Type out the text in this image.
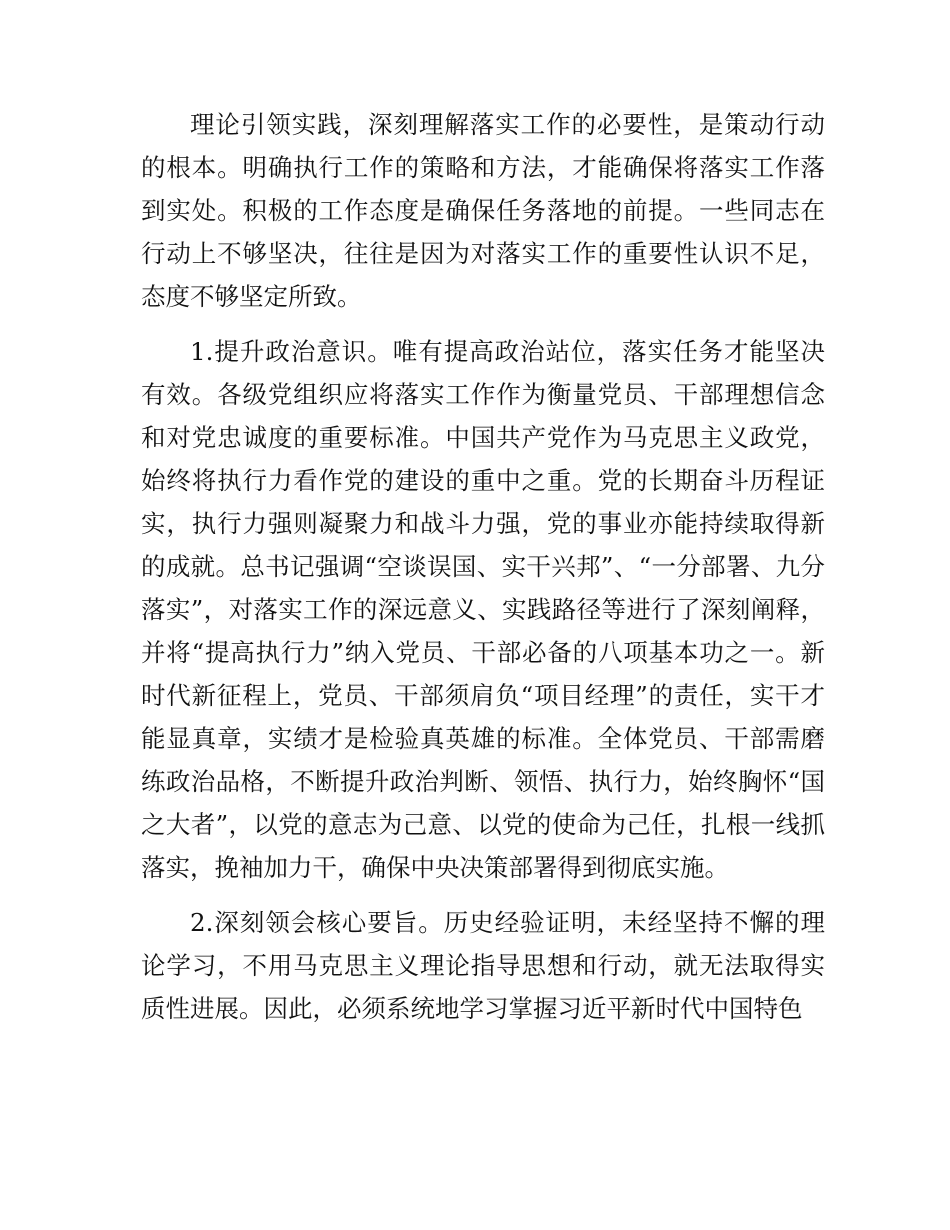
理论引领实践，深刻理解落实工作的必要性，是策动行动的根本。明确执行工作的策略和方法，才能确保将落实工作落到实处。积极的工作态度是确保任务落地的前提。一些同志在行动上不够坚决，往往是因为对落实工作的重要性认识不足，态度不够坚定所致。

1.提升政治意识。唯有提高政治站位，落实任务才能坚决有效。各级党组织应将落实工作作为衡量党员、干部理想信念和对党忠诚度的重要标准。中国共产党作为马克思主义政党，始终将执行力看作党的建设的重中之重。党的长期奋斗历程证实，执行力强则凝聚力和战斗力强，党的事业亦能持续取得新的成就。总书记强调“空谈误国、实干兴邦”、“一分部署、九分落实”，对落实工作的深远意义、实践路径等进行了深刻阐释，并将“提高执行力”纳入党员、干部必备的八项基本功之一。新时代新征程上，党员、干部须肩负“项目经理”的责任，实干才能显真章，实绩才是检验真英雄的标准。全体党员、干部需磨练政治品格，不断提升政治判断、领悟、执行力，始终胸怀“国之大者”，以党的意志为己意、以党的使命为己任，扎根一线抓落实，挽袖加力干，确保中央决策部署得到彻底实施。

2.深刻领会核心要旨。历史经验证明，未经坚持不懈的理论学习，不用马克思主义理论指导思想和行动，就无法取得实质性进展。因此，必须系统地学习掌握习近平新时代中国特色
